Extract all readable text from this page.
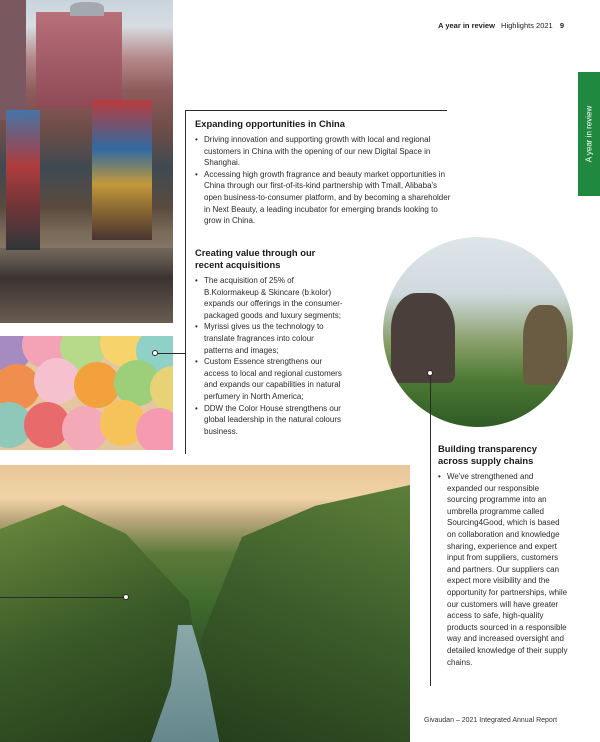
A year in review Highlights 2021 9
A year in review
Expanding opportunities in China
• Driving innovation and supporting growth with local and regional customers in China with the opening of our new Digital Space in Shanghai.
• Accessing high growth fragrance and beauty market opportunities in China through our first-of-its-kind partnership with Tmall, Alibaba's open business-to-consumer platform, and by becoming a shareholder in Next Beauty, a leading incubator for emerging brands looking to grow in China.
Creating value through our recent acquisitions
• The acquisition of 25% of B.Kolormakeup & Skincare (b.kolor) expands our offerings in the consumer-packaged goods and luxury segments;
• Myrissi gives us the technology to translate fragrances into colour patterns and images;
• Custom Essence strengthens our access to local and regional customers and expands our capabilities in natural perfumery in North America;
• DDW the Color House strengthens our global leadership in the natural colours business.
Building transparency across supply chains
• We've strengthened and expanded our responsible sourcing programme into an umbrella programme called Sourcing4Good, which is based on collaboration and knowledge sharing, experience and expert input from suppliers, customers and partners. Our suppliers can expect more visibility and the opportunity for partnerships, while our customers will have greater access to safe, high-quality products sourced in a responsible way and increased oversight and detailed knowledge of their supply chains.
Givaudan – 2021 Integrated Annual Report
